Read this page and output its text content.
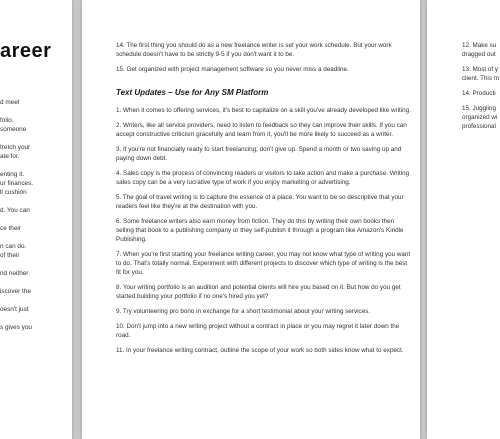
areer
d meet
folio.
someone
tretch your
ate for.
enting it.
ur finances.
ll cushion
d. You can
ce their
n can do.
of their
nd neither
iscover the
oesn't just
s gives you

14. The first thing you should do as a new freelance writer is set your work schedule. But your work schedule doesn't have to be strictly 9-5 if you don't want it to be.

15. Get organized with project management software so you never miss a deadline.

Text Updates – Use for Any SM Platform

1. When it comes to offering services, it's best to capitalize on a skill you've already developed like writing.

2. Writers, like all service providers, need to listen to feedback so they can improve their skills. If you can accept constructive criticism gracefully and learn from it, you'll be more likely to succeed as a writer.

3. If you're not financially ready to start freelancing, don't give up. Spend a month or two saving up and paying down debt.

4. Sales copy is the process of convincing readers or visitors to take action and make a purchase. Writing sales copy can be a very lucrative type of work if you enjoy marketing or advertising.

5. The goal of travel writing is to capture the essence of a place. You want to be so descriptive that your readers feel like they're at the destination with you.

6. Some freelance writers also earn money from fiction. They do this by writing their own books then selling that book to a publishing company or they self-publish it through a program like Amazon's Kindle Publishing.

7. When you're first starting your freelance writing career, you may not know what type of writing you want to do. That's totally normal. Experiment with different projects to discover which type of writing is the best fit for you.

8. Your writing portfolio is an audition and potential clients will hire you based on it. But how do you get started building your portfolio if no one's hired you yet?

9. Try volunteering pro bono in exchange for a short testimonial about your writing services.

10. Don't jump into a new writing project without a contract in place or you may regret it later down the road.

11. In your freelance writing contract, outline the scope of your work so both sides know what to expect.

12. Make su
dragged out
13. Most of y
client. This m
14. Producti
15. Juggling
organized wi
professional
